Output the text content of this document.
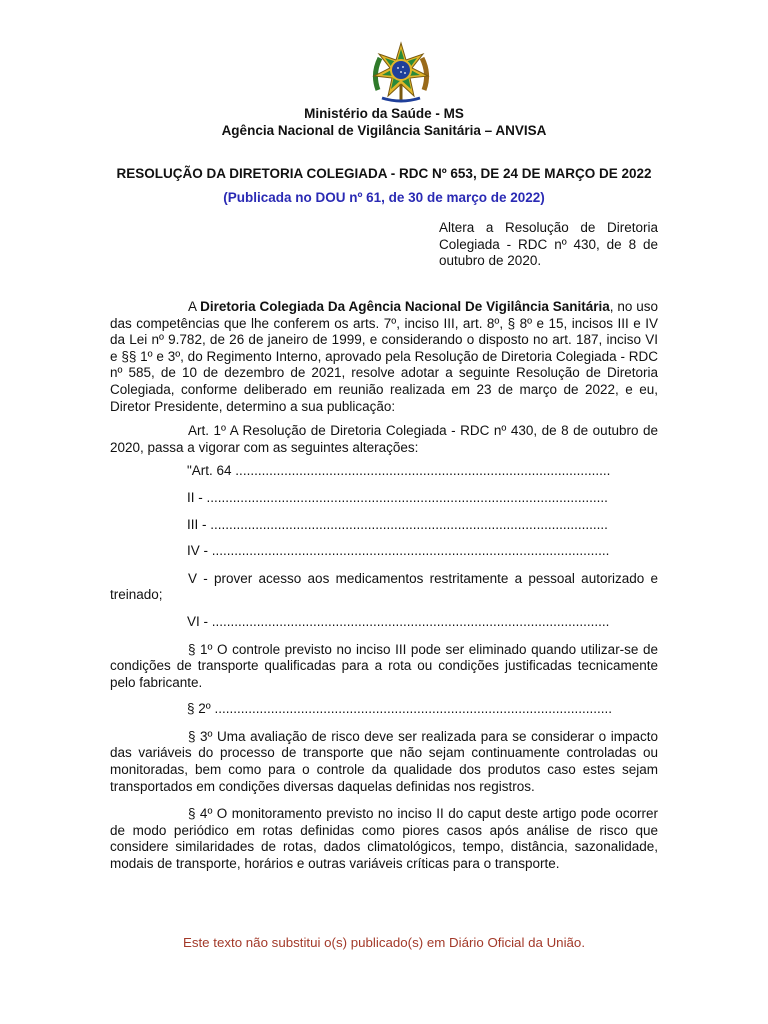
Ministério da Saúde - MS
Agência Nacional de Vigilância Sanitária – ANVISA
RESOLUÇÃO DA DIRETORIA COLEGIADA - RDC Nº 653, DE 24 DE MARÇO DE 2022
(Publicada no DOU nº 61, de 30 de março de 2022)
Altera a Resolução de Diretoria Colegiada - RDC nº 430, de 8 de outubro de 2020.

A Diretoria Colegiada Da Agência Nacional De Vigilância Sanitária, no uso das competências que lhe conferem os arts. 7º, inciso III, art. 8º, § 8º e 15, incisos III e IV da Lei nº 9.782, de 26 de janeiro de 1999, e considerando o disposto no art. 187, inciso VI e §§ 1º e 3º, do Regimento Interno, aprovado pela Resolução de Diretoria Colegiada - RDC nº 585, de 10 de dezembro de 2021, resolve adotar a seguinte Resolução de Diretoria Colegiada, conforme deliberado em reunião realizada em 23 de março de 2022, e eu, Diretor Presidente, determino a sua publicação:

Art. 1º A Resolução de Diretoria Colegiada - RDC nº 430, de 8 de outubro de 2020, passa a vigorar com as seguintes alterações:

"Art. 64 ....................................................................................................
II - ...........................................................................................................
III - ..........................................................................................................
IV - ..........................................................................................................

V - prover acesso aos medicamentos restritamente a pessoal autorizado e treinado;

VI - ..........................................................................................................

§ 1º O controle previsto no inciso III pode ser eliminado quando utilizar-se de condições de transporte qualificadas para a rota ou condições justificadas tecnicamente pelo fabricante.

§ 2º ..........................................................................................................

§ 3º Uma avaliação de risco deve ser realizada para se considerar o impacto das variáveis do processo de transporte que não sejam continuamente controladas ou monitoradas, bem como para o controle da qualidade dos produtos caso estes sejam transportados em condições diversas daquelas definidas nos registros.

§ 4º O monitoramento previsto no inciso II do caput deste artigo pode ocorrer de modo periódico em rotas definidas como piores casos após análise de risco que considere similaridades de rotas, dados climatológicos, tempo, distância, sazonalidade, modais de transporte, horários e outras variáveis críticas para o transporte.

Este texto não substitui o(s) publicado(s) em Diário Oficial da União.
